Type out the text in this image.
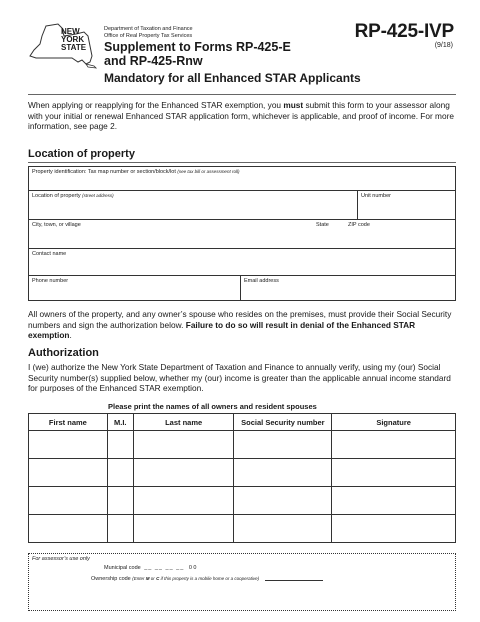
NEW
YORK
STATE
Department of Taxation and Finance
Office of Real Property Tax Services
Supplement to Forms RP-425-E
and RP-425-Rnw
Mandatory for all Enhanced STAR Applicants
RP-425-IVP
(9/18)
When applying or reapplying for the Enhanced STAR exemption, you must submit this form to your assessor along with your initial or renewal Enhanced STAR application form, whichever is applicable, and proof of income. For more information, see page 2.
Location of property
Property identification: Tax map number or section/block/lot (see tax bill or assessment roll)
Location of property (street address)	Unit number
City, town, or village	State	ZIP code
Contact name
Phone number	Email address
All owners of the property, and any owner’s spouse who resides on the premises, must provide their Social Security numbers and sign the authorization below. Failure to do so will result in denial of the Enhanced STAR exemption.
Authorization
I (we) authorize the New York State Department of Taxation and Finance to annually verify, using my (our) Social Security number(s) supplied below, whether my (our) income is greater than the applicable annual income standard for purposes of the Enhanced STAR exemption.
Please print the names of all owners and resident spouses
First name	M.I.	Last name	Social Security number	Signature

For assessor’s use only
Municipal code __ __ __ __ 0 0
Ownership code (Enter M or C if this property is a mobile home or a cooperative)
